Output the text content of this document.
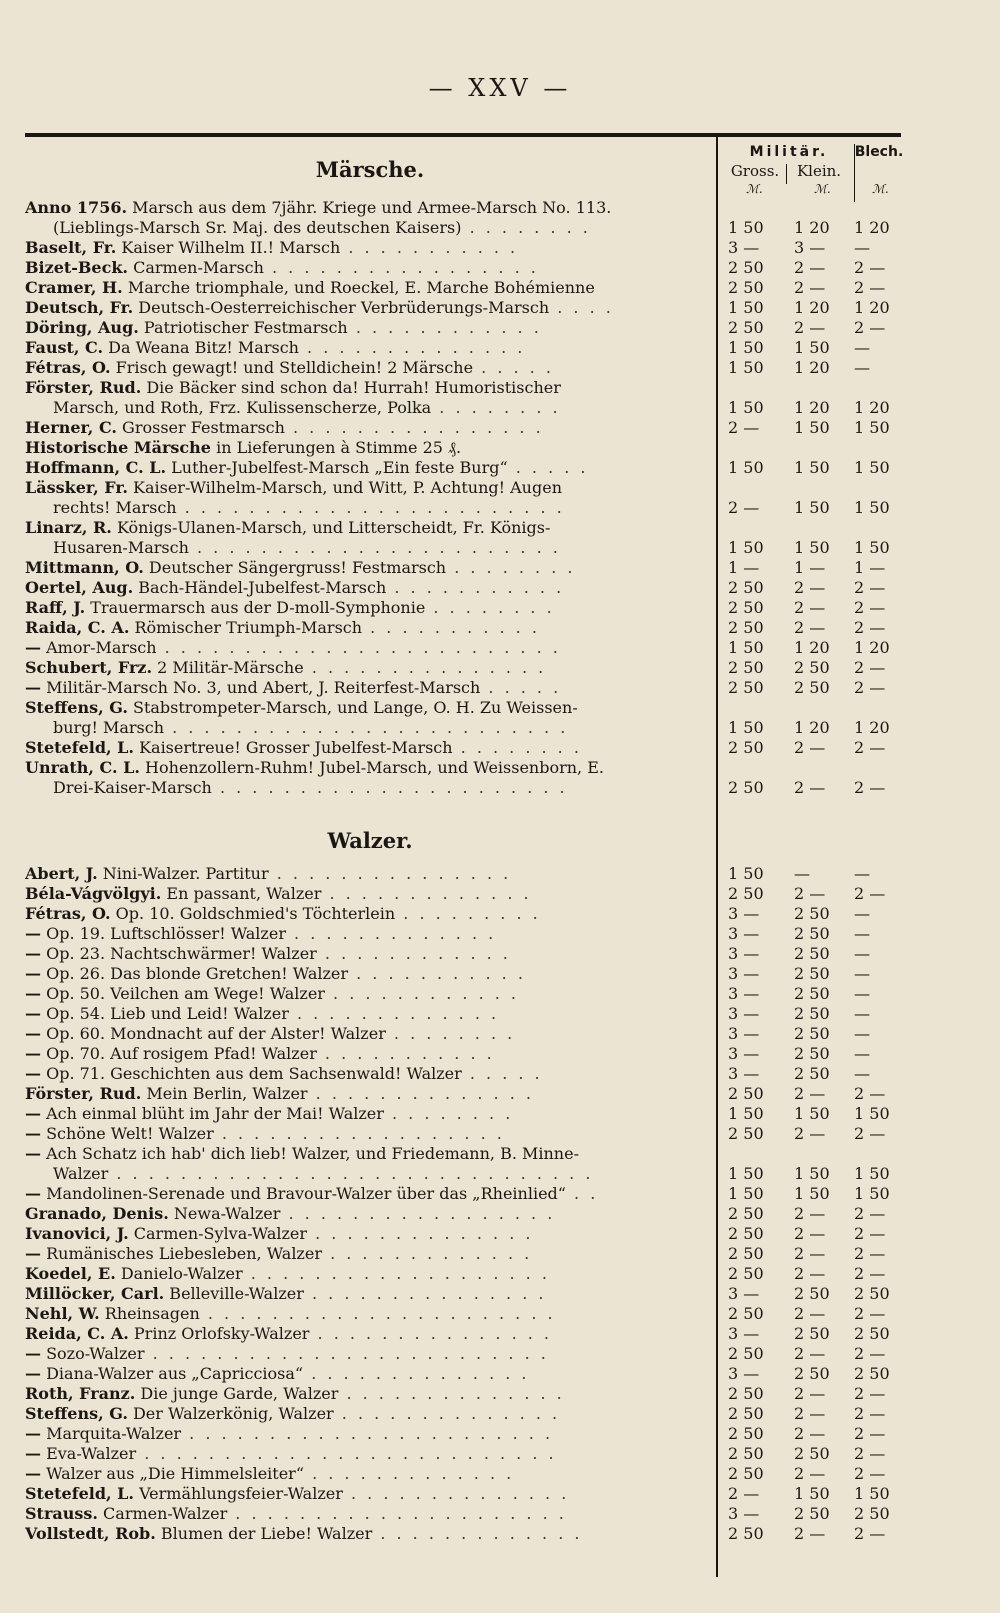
— XXV —
Militär.	Blech.
Gross.	Klein.
ℳ.	ℳ.	ℳ.
Märsche.
Anno 1756. Marsch aus dem 7jähr. Kriege und Armee-Marsch No. 113.
(Lieblings-Marsch Sr. Maj. des deutschen Kaisers) . . . . . . . .	1 50	1 20	1 20
Baselt, Fr. Kaiser Wilhelm II.! Marsch . . . . . . . . . . .	3 —	3 —	—
Bizet-Beck. Carmen-Marsch . . . . . . . . . . . . . . . . .	2 50	2 —	2 —
Cramer, H. Marche triomphale, und Roeckel, E. Marche Bohémienne	2 50	2 —	2 —
Deutsch, Fr. Deutsch-Oesterreichischer Verbrüderungs-Marsch . . . .	1 50	1 20	1 20
Döring, Aug. Patriotischer Festmarsch . . . . . . . . . . . .	2 50	2 —	2 —
Faust, C. Da Weana Bitz! Marsch . . . . . . . . . . . . . .	1 50	1 50	—
Fétras, O. Frisch gewagt! und Stelldichein! 2 Märsche . . . . .	1 50	1 20	—
Förster, Rud. Die Bäcker sind schon da! Hurrah! Humoristischer
Marsch, und Roth, Frz. Kulissenscherze, Polka . . . . . . . .	1 50	1 20	1 20
Herner, C. Grosser Festmarsch . . . . . . . . . . . . . . . .	2 —	1 50	1 50
Historische Märsche in Lieferungen à Stimme 25 ₰.
Hoffmann, C. L. Luther-Jubelfest-Marsch „Ein feste Burg“ . . . . .	1 50	1 50	1 50
Lässker, Fr. Kaiser-Wilhelm-Marsch, und Witt, P. Achtung! Augen
rechts! Marsch . . . . . . . . . . . . . . . . . . . . . . . .	2 —	1 50	1 50
Linarz, R. Königs-Ulanen-Marsch, und Litterscheidt, Fr. Königs-
Husaren-Marsch . . . . . . . . . . . . . . . . . . . . . . .	1 50	1 50	1 50
Mittmann, O. Deutscher Sängergruss! Festmarsch . . . . . . . .	1 —	1 —	1 —
Oertel, Aug. Bach-Händel-Jubelfest-Marsch . . . . . . . . . . .	2 50	2 —	2 —
Raff, J. Trauermarsch aus der D-moll-Symphonie . . . . . . . .	2 50	2 —	2 —
Raida, C. A. Römischer Triumph-Marsch . . . . . . . . . . .	2 50	2 —	2 —
— Amor-Marsch . . . . . . . . . . . . . . . . . . . . . . . . .	1 50	1 20	1 20
Schubert, Frz. 2 Militär-Märsche . . . . . . . . . . . . . . .	2 50	2 50	2 —
— Militär-Marsch No. 3, und Abert, J. Reiterfest-Marsch . . . . .	2 50	2 50	2 —
Steffens, G. Stabstrompeter-Marsch, und Lange, O. H. Zu Weissen-
burg! Marsch . . . . . . . . . . . . . . . . . . . . . . . . .	1 50	1 20	1 20
Stetefeld, L. Kaisertreue! Grosser Jubelfest-Marsch . . . . . . . .	2 50	2 —	2 —
Unrath, C. L. Hohenzollern-Ruhm! Jubel-Marsch, und Weissenborn, E.
Drei-Kaiser-Marsch . . . . . . . . . . . . . . . . . . . . . .	2 50	2 —	2 —
Walzer.
Abert, J. Nini-Walzer. Partitur . . . . . . . . . . . . . . .	1 50	—	—
Béla-Vágvölgyi. En passant, Walzer . . . . . . . . . . . . .	2 50	2 —	2 —
Fétras, O. Op. 10. Goldschmied's Töchterlein . . . . . . . . .	3 —	2 50	—
— Op. 19. Luftschlösser! Walzer . . . . . . . . . . . . .	3 —	2 50	—
— Op. 23. Nachtschwärmer! Walzer . . . . . . . . . . . .	3 —	2 50	—
— Op. 26. Das blonde Gretchen! Walzer . . . . . . . . . . .	3 —	2 50	—
— Op. 50. Veilchen am Wege! Walzer . . . . . . . . . . . .	3 —	2 50	—
— Op. 54. Lieb und Leid! Walzer . . . . . . . . . . . . .	3 —	2 50	—
— Op. 60. Mondnacht auf der Alster! Walzer . . . . . . . .	3 —	2 50	—
— Op. 70. Auf rosigem Pfad! Walzer . . . . . . . . . . .	3 —	2 50	—
— Op. 71. Geschichten aus dem Sachsenwald! Walzer . . . . .	3 —	2 50	—
Förster, Rud. Mein Berlin, Walzer . . . . . . . . . . . . . .	2 50	2 —	2 —
— Ach einmal blüht im Jahr der Mai! Walzer . . . . . . . .	1 50	1 50	1 50
— Schöne Welt! Walzer . . . . . . . . . . . . . . . . . .	2 50	2 —	2 —
— Ach Schatz ich hab' dich lieb! Walzer, und Friedemann, B. Minne-
Walzer . . . . . . . . . . . . . . . . . . . . . . . . . . . . . .	1 50	1 50	1 50
— Mandolinen-Serenade und Bravour-Walzer über das „Rheinlied“ . .	1 50	1 50	1 50
Granado, Denis. Newa-Walzer . . . . . . . . . . . . . . . . .	2 50	2 —	2 —
Ivanovici, J. Carmen-Sylva-Walzer . . . . . . . . . . . . . .	2 50	2 —	2 —
— Rumänisches Liebesleben, Walzer . . . . . . . . . . . . .	2 50	2 —	2 —
Koedel, E. Danielo-Walzer . . . . . . . . . . . . . . . . . . .	2 50	2 —	2 —
Millöcker, Carl. Belleville-Walzer . . . . . . . . . . . . . . .	3 —	2 50	2 50
Nehl, W. Rheinsagen . . . . . . . . . . . . . . . . . . . . . .	2 50	2 —	2 —
Reida, C. A. Prinz Orlofsky-Walzer . . . . . . . . . . . . . . .	3 —	2 50	2 50
— Sozo-Walzer . . . . . . . . . . . . . . . . . . . . . . . . .	2 50	2 —	2 —
— Diana-Walzer aus „Capricciosa“ . . . . . . . . . . . . . .	3 —	2 50	2 50
Roth, Franz. Die junge Garde, Walzer . . . . . . . . . . . . . .	2 50	2 —	2 —
Steffens, G. Der Walzerkönig, Walzer . . . . . . . . . . . . . .	2 50	2 —	2 —
— Marquita-Walzer . . . . . . . . . . . . . . . . . . . . . . .	2 50	2 —	2 —
— Eva-Walzer . . . . . . . . . . . . . . . . . . . . . . . . . .	2 50	2 50	2 —
— Walzer aus „Die Himmelsleiter“ . . . . . . . . . . . . .	2 50	2 —	2 —
Stetefeld, L. Vermählungsfeier-Walzer . . . . . . . . . . . . . .	2 —	1 50	1 50
Strauss. Carmen-Walzer . . . . . . . . . . . . . . . . . . . . .	3 —	2 50	2 50
Vollstedt, Rob. Blumen der Liebe! Walzer . . . . . . . . . . . . .	2 50	2 —	2 —
